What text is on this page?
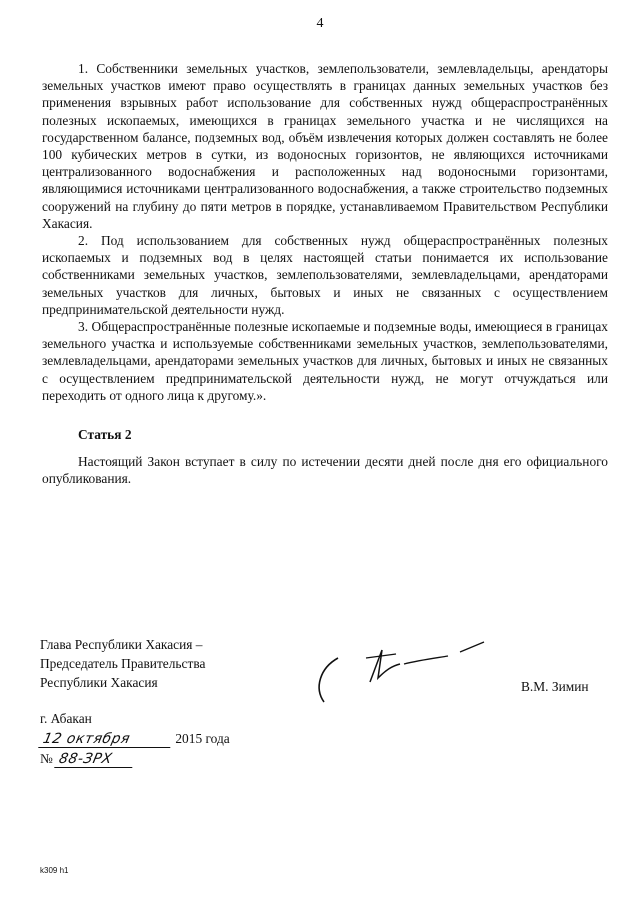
4

1. Собственники земельных участков, землепользователи, землевладельцы, арендаторы земельных участков имеют право осуществлять в границах данных земельных участков без применения взрывных работ использование для собственных нужд общераспространённых полезных ископаемых, имеющихся в границах земельного участка и не числящихся на государственном балансе, подземных вод, объём извлечения которых должен составлять не более 100 кубических метров в сутки, из водоносных горизонтов, не являющихся источниками централизованного водоснабжения и расположенных над водоносными горизонтами, являющимися источниками централизованного водоснабжения, а также строительство подземных сооружений на глубину до пяти метров в порядке, устанавливаемом Правительством Республики Хакасия.

2. Под использованием для собственных нужд общераспространённых полезных ископаемых и подземных вод в целях настоящей статьи понимается их использование собственниками земельных участков, землепользователями, землевладельцами, арендаторами земельных участков для личных, бытовых и иных не связанных с осуществлением предпринимательской деятельности нужд.

3. Общераспространённые полезные ископаемые и подземные воды, имеющиеся в границах земельного участка и используемые собственниками земельных участков, землепользователями, землевладельцами, арендаторами земельных участков для личных, бытовых и иных не связанных с осуществлением предпринимательской деятельности нужд, не могут отчуждаться или переходить от одного лица к другому.».

Статья 2

Настоящий Закон вступает в силу по истечении десяти дней после дня его официального опубликования.

Глава Республики Хакасия –
Председатель Правительства
Республики Хакасия	В.М. Зимин
г. Абакан
12 октября	2015 года
№ 88-ЗРХ
k309 h1
